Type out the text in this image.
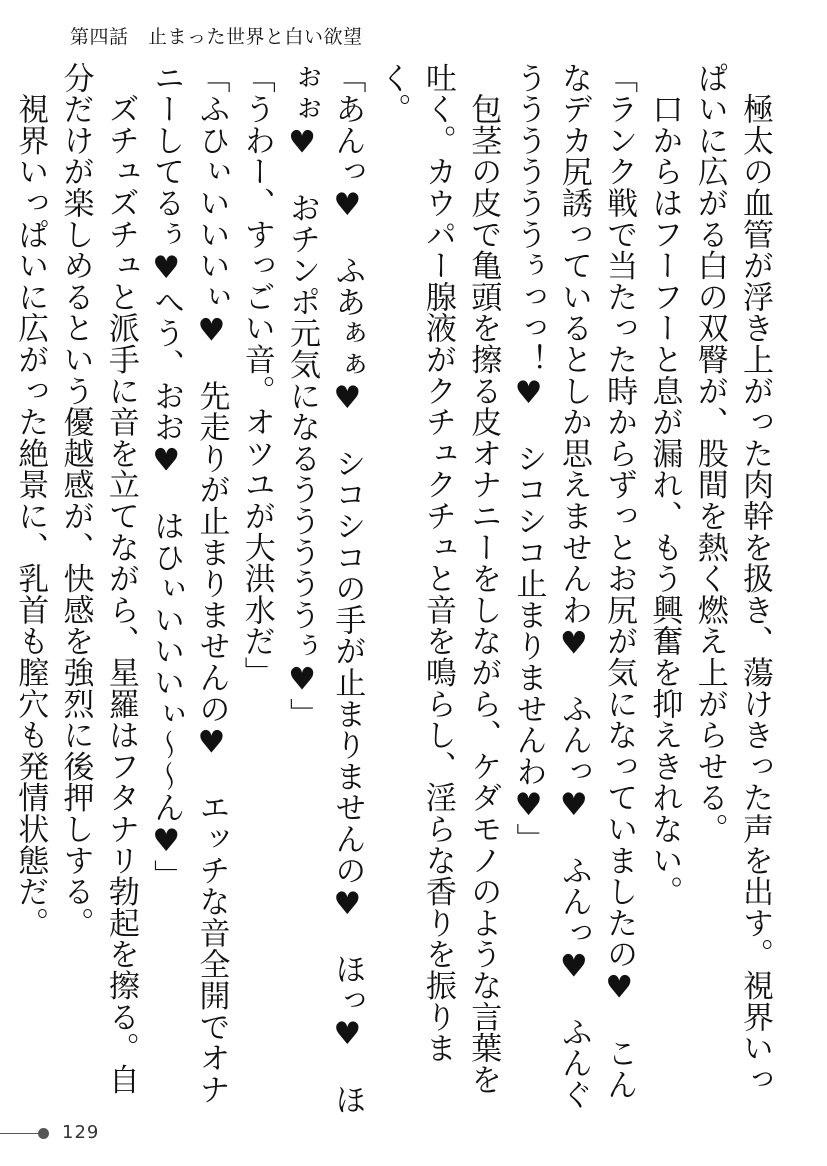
第四話　止まった世界と白い欲望

　極太の血管が浮き上がった肉幹を扱き、蕩けきった声を出す。視界いっぱいに広がる白の双臀が、股間を熱く燃え上がらせる。

　口からはフーフーと息が漏れ、もう興奮を抑えきれない。

「ランク戦で当たった時からずっとお尻が気になっていましたの♥　こんなデカ尻誘っているとしか思えませんわ♥　ふんっ♥　ふんっ♥　ふんぐううううううぅっっ！♥　シコシコ止まりませんわ♥」

　包茎の皮で亀頭を擦る皮オナニーをしながら、ケダモノのような言葉を吐く。カウパー腺液がクチュクチュと音を鳴らし、淫らな香りを振りまく。

「あんっ♥　ふあぁぁ♥　シコシコの手が止まりませんの♥　ほっ♥　ほぉぉ♥　おチンポ元気になるうううううぅ♥」

「うわー、すっごい音。オツユが大洪水だ」

「ふひぃいいいぃ♥　先走りが止まりませんの♥　エッチな音全開でオナニーしてるぅ♥へう、おお♥　はひぃいいいぃ〜〜ん♥」

　ズチュズチュと派手に音を立てながら、星羅はフタナリ勃起を擦る。自分だけが楽しめるという優越感が、快感を強烈に後押しする。

　視界いっぱいに広がった絶景に、乳首も膣穴も発情状態だ。

129
